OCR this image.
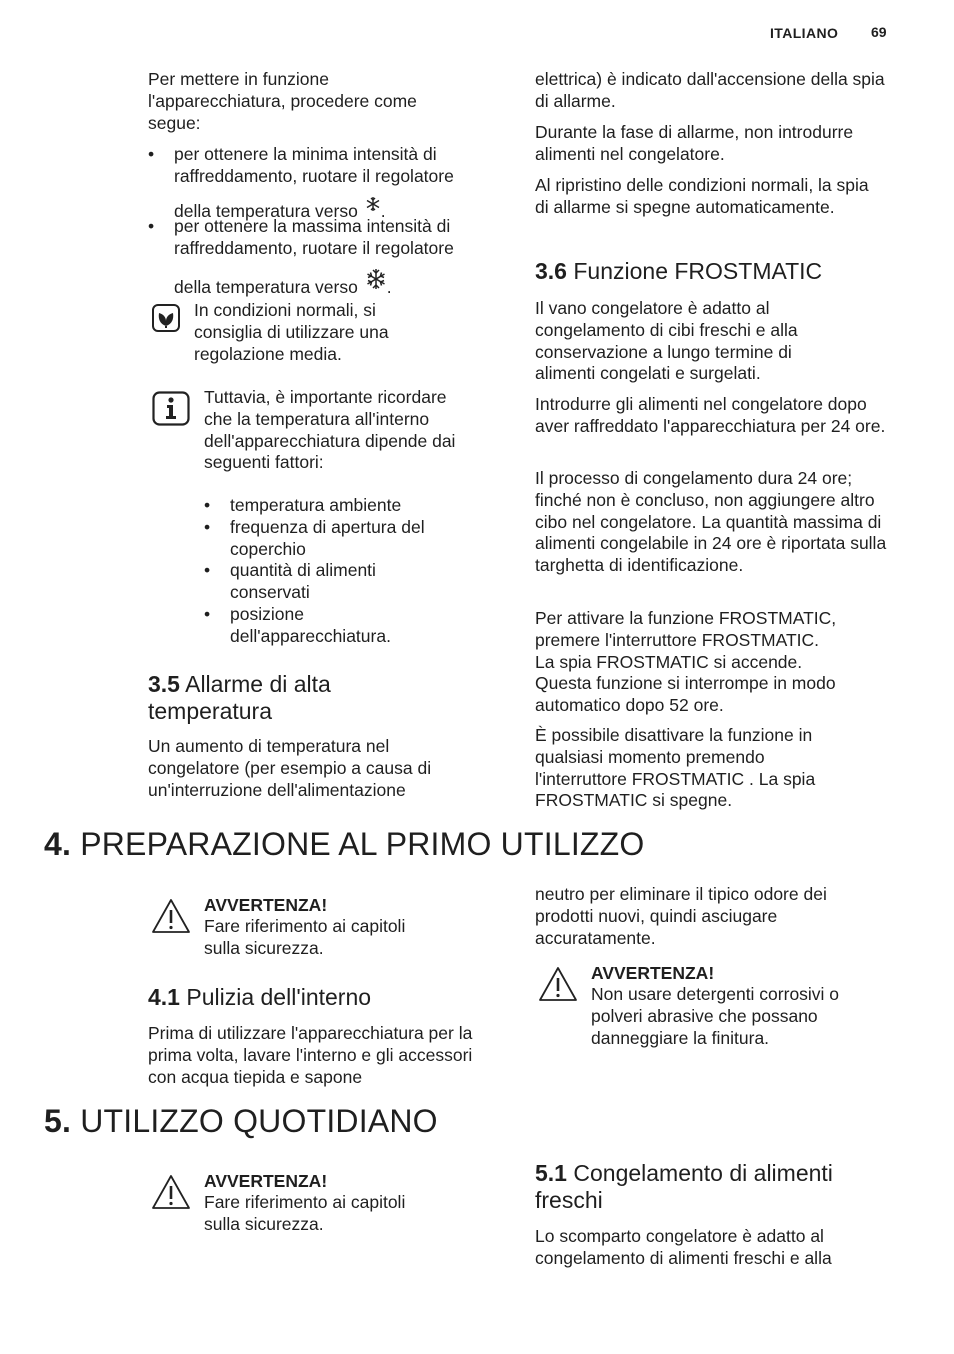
ITALIANO 69

Per mettere in funzione l'apparecchiatura, procedere come segue:

• per ottenere la minima intensità di
raffreddamento, ruotare il regolatore
della temperatura verso .
• per ottenere la massima intensità di
raffreddamento, ruotare il regolatore
della temperatura verso .

In condizioni normali, si consiglia di utilizzare una regolazione media.

Tuttavia, è importante ricordare che la temperatura all'interno dell'apparecchiatura dipende dai seguenti fattori:

• temperatura ambiente
• frequenza di apertura del coperchio
• quantità di alimenti conservati
• posizione dell'apparecchiatura.
3.5 Allarme di alta temperatura

Un aumento di temperatura nel congelatore (per esempio a causa di un'interruzione dell'alimentazione

elettrica) è indicato dall'accensione della spia di allarme.

Durante la fase di allarme, non introdurre alimenti nel congelatore.

Al ripristino delle condizioni normali, la spia di allarme si spegne automaticamente.

3.6 Funzione FROSTMATIC

Il vano congelatore è adatto al congelamento di cibi freschi e alla conservazione a lungo termine di alimenti congelati e surgelati.

Introdurre gli alimenti nel congelatore dopo aver raffreddato l'apparecchiatura per 24 ore.

Il processo di congelamento dura 24 ore; finché non è concluso, non aggiungere altro cibo nel congelatore. La quantità massima di alimenti congelabile in 24 ore è riportata sulla targhetta di identificazione.

Per attivare la funzione FROSTMATIC, premere l'interruttore FROSTMATIC.

La spia FROSTMATIC si accende.

Questa funzione si interrompe in modo automatico dopo 52 ore.

È possibile disattivare la funzione in qualsiasi momento premendo l'interruttore FROSTMATIC . La spia FROSTMATIC si spegne.

4. PREPARAZIONE AL PRIMO UTILIZZO
AVVERTENZA!

Fare riferimento ai capitoli sulla sicurezza.

4.1 Pulizia dell'interno

Prima di utilizzare l'apparecchiatura per la prima volta, lavare l'interno e gli accessori con acqua tiepida e sapone

neutro per eliminare il tipico odore dei prodotti nuovi, quindi asciugare accuratamente.

AVVERTENZA!

Non usare detergenti corrosivi o polveri abrasive che possano danneggiare la finitura.

5. UTILIZZO QUOTIDIANO
AVVERTENZA!

Fare riferimento ai capitoli sulla sicurezza.

5.1 Congelamento di alimenti freschi

Lo scomparto congelatore è adatto al congelamento di alimenti freschi e alla
